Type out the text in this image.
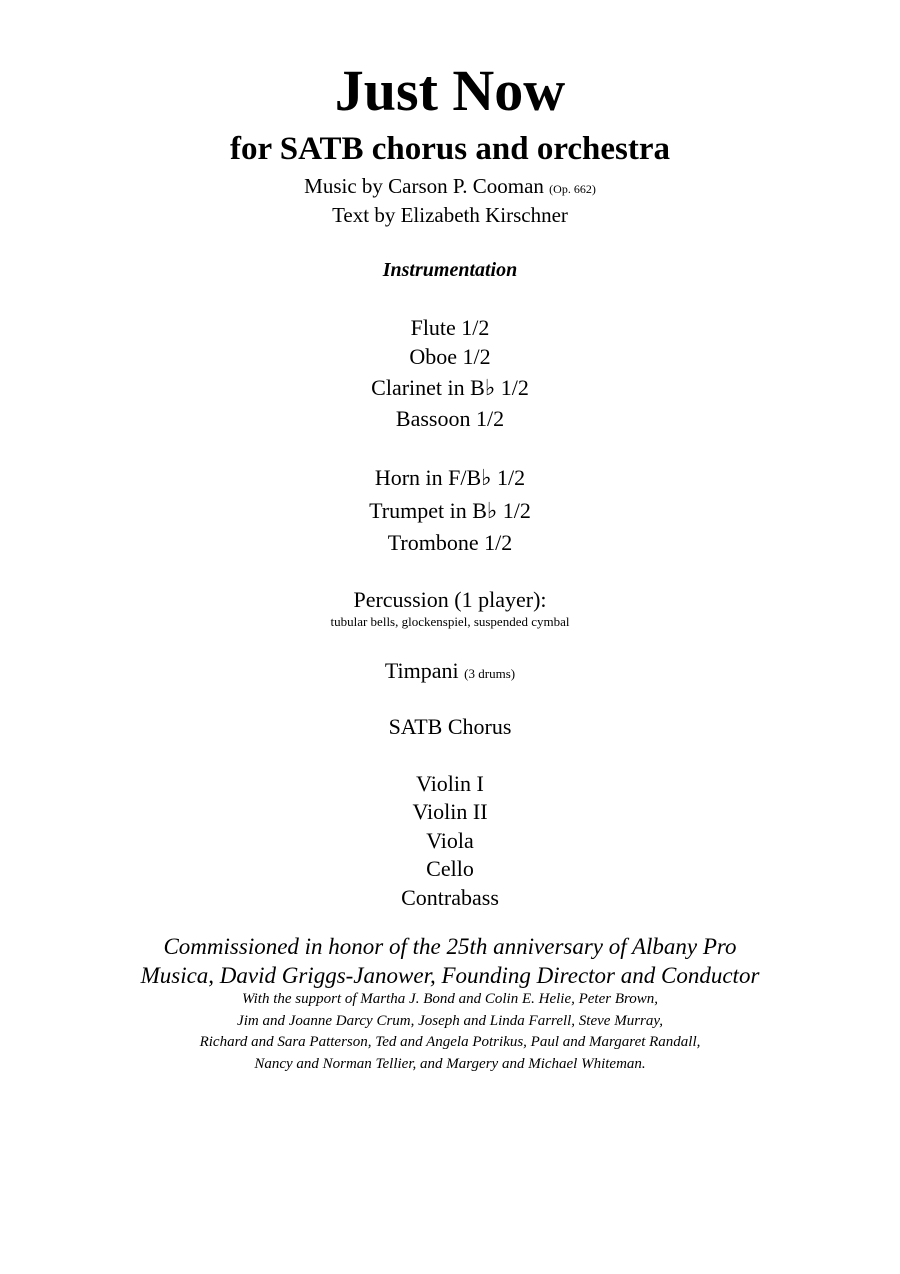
Just Now
for SATB chorus and orchestra
Music by Carson P. Cooman (Op. 662)
Text by Elizabeth Kirschner
Instrumentation
Flute 1/2
Oboe 1/2
Clarinet in B♭ 1/2
Bassoon 1/2
Horn in F/B♭ 1/2
Trumpet in B♭ 1/2
Trombone 1/2
Percussion (1 player):
tubular bells, glockenspiel, suspended cymbal
Timpani (3 drums)
SATB Chorus
Violin I
Violin II
Viola
Cello
Contrabass
Commissioned in honor of the 25th anniversary of Albany Pro
Musica, David Griggs-Janower, Founding Director and Conductor
With the support of Martha J. Bond and Colin E. Helie, Peter Brown,
Jim and Joanne Darcy Crum, Joseph and Linda Farrell, Steve Murray,
Richard and Sara Patterson, Ted and Angela Potrikus, Paul and Margaret Randall,
Nancy and Norman Tellier, and Margery and Michael Whiteman.
